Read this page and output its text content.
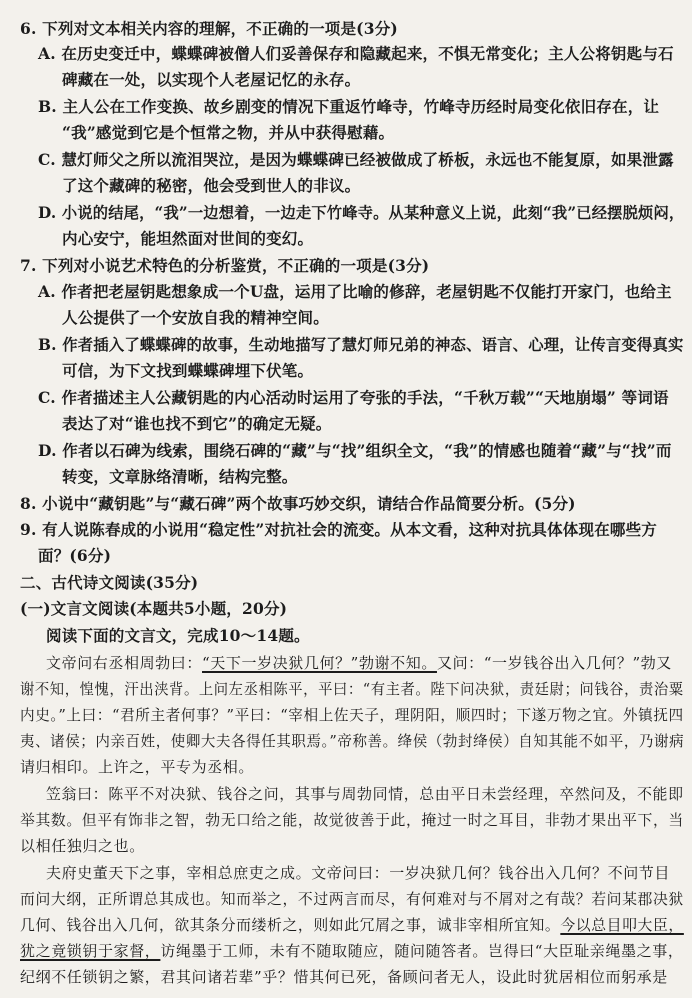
6. 下列对文本相关内容的理解，不正确的一项是(3分)
A. 在历史变迁中，蝶蝶碑被僧人们妥善保存和隐藏起来，不惧无常变化；主人公将钥匙与石
碑藏在一处，以实现个人老屋记忆的永存。
B. 主人公在工作变换、故乡剧变的情况下重返竹峰寺，竹峰寺历经时局变化依旧存在，让
“我”感觉到它是个恒常之物，并从中获得慰藉。
C. 慧灯师父之所以流泪哭泣，是因为蝶蝶碑已经被做成了桥板，永远也不能复原，如果泄露
了这个藏碑的秘密，他会受到世人的非议。
D. 小说的结尾，“我”一边想着，一边走下竹峰寺。从某种意义上说，此刻“我”已经摆脱烦闷，
内心安宁，能坦然面对世间的变幻。
7. 下列对小说艺术特色的分析鉴赏，不正确的一项是(3分)
A. 作者把老屋钥匙想象成一个U盘，运用了比喻的修辞，老屋钥匙不仅能打开家门，也给主
人公提供了一个安放自我的精神空间。
B. 作者插入了蝶蝶碑的故事，生动地描写了慧灯师兄弟的神态、语言、心理，让传言变得真实
可信，为下文找到蝶蝶碑埋下伏笔。
C. 作者描述主人公藏钥匙的内心活动时运用了夸张的手法，“千秋万载”“天地崩塌” 等词语
表达了对“谁也找不到它”的确定无疑。
D. 作者以石碑为线索，围绕石碑的“藏”与“找”组织全文，“我”的情感也随着“藏”与“找”而
转变，文章脉络清晰，结构完整。
8. 小说中“藏钥匙”与“藏石碑”两个故事巧妙交织，请结合作品简要分析。(5分)
9. 有人说陈春成的小说用“稳定性”对抗社会的流变。从本文看，这种对抗具体体现在哪些方
面？(6分)
二、古代诗文阅读(35分)
(一)文言文阅读(本题共5小题，20分)
阅读下面的文言文，完成10～14题。
文帝问右丞相周勃曰：“天下一岁决狱几何？”勃谢不知。又问：“一岁钱谷出入几何？”勃又
谢不知，惶愧，汗出浃背。上问左丞相陈平，平曰：“有主者。陛下问决狱，责廷尉；问钱谷，责治粟
内史。”上曰：“君所主者何事？”平曰：“宰相上佐天子，理阴阳，顺四时；下遂万物之宜。外镇抚四
夷、诸侯；内亲百姓，使卿大夫各得任其职焉。”帝称善。绛侯（勃封绛侯）自知其能不如平，乃谢病
请归相印。上许之，平专为丞相。
笠翁曰：陈平不对决狱、钱谷之问，其事与周勃同情，总由平日未尝经理，卒然问及，不能即
举其数。但平有饰非之智，勃无口给之能，故觉彼善于此，掩过一时之耳目，非勃才果出平下，当
以相任独归之也。
夫府史董天下之事，宰相总庶吏之成。文帝问曰：一岁决狱几何？钱谷出入几何？不问节目
而问大纲，正所谓总其成也。知而举之，不过两言而尽，有何难对与不屑对之有哉？若问某郡决狱
几何、钱谷出入几何，欲其条分而缕析之，则如此冗屑之事，诚非宰相所宜知。今以总目叩大臣，
犹之竟锁钥于家督，访绳墨于工师，未有不随取随应，随问随答者。岂得曰“大臣耻亲绳墨之事，
纪纲不任锁钥之繁，君其问诸若辈”乎？惜其何已死，备顾问者无人，设此时犹居相位而躬承是
